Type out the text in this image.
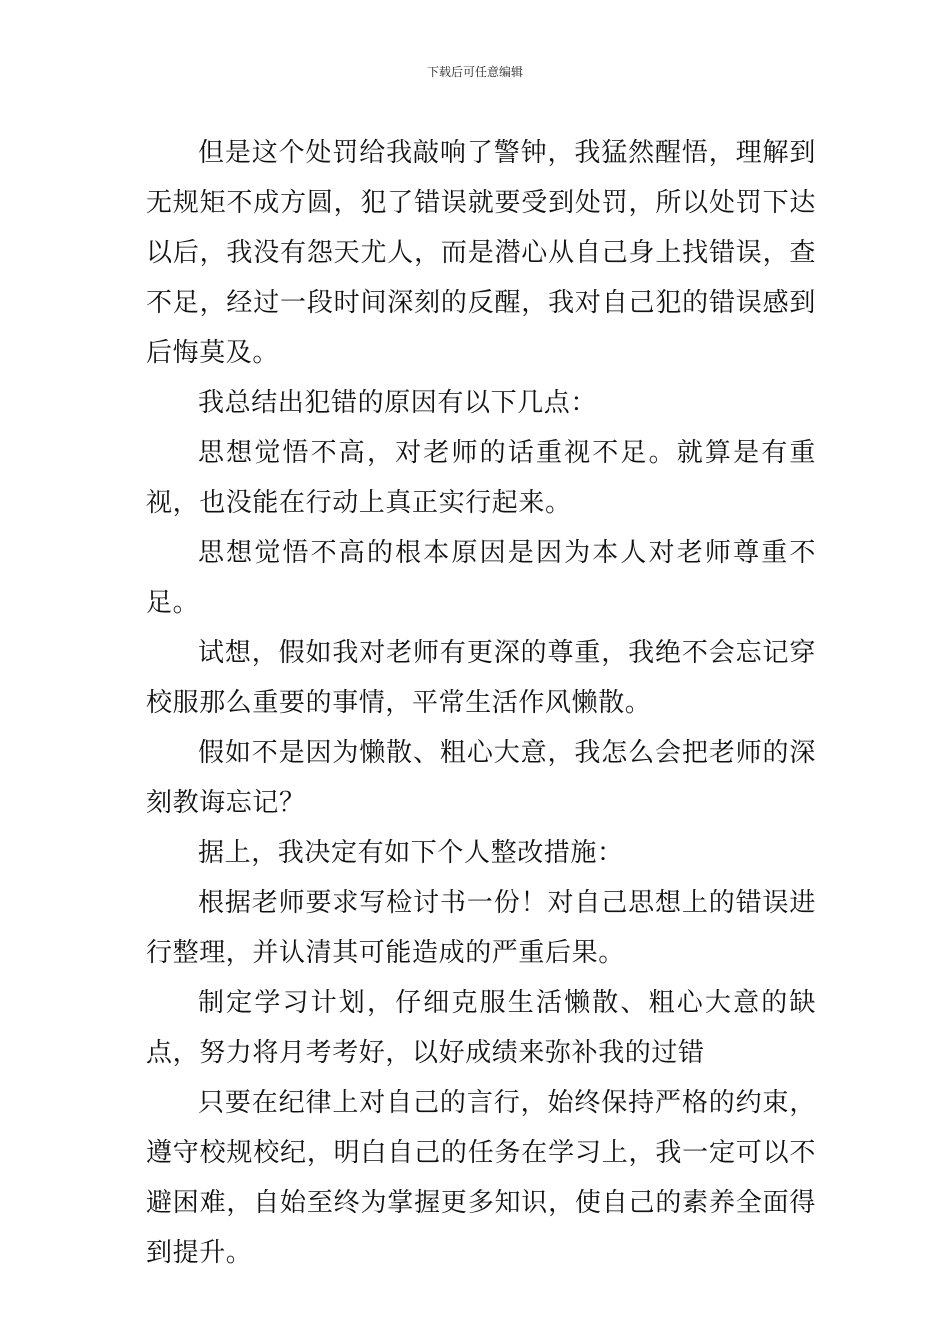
下载后可任意编辑

但是这个处罚给我敲响了警钟，我猛然醒悟，理解到无规矩不成方圆，犯了错误就要受到处罚，所以处罚下达以后，我没有怨天尤人，而是潜心从自己身上找错误，查不足，经过一段时间深刻的反醒，我对自己犯的错误感到后悔莫及。

我总结出犯错的原因有以下几点：

思想觉悟不高，对老师的话重视不足。就算是有重视，也没能在行动上真正实行起来。

思想觉悟不高的根本原因是因为本人对老师尊重不足。

试想，假如我对老师有更深的尊重，我绝不会忘记穿校服那么重要的事情，平常生活作风懒散。

假如不是因为懒散、粗心大意，我怎么会把老师的深刻教诲忘记？

据上，我决定有如下个人整改措施：

根据老师要求写检讨书一份！对自己思想上的错误进行整理，并认清其可能造成的严重后果。

制定学习计划，仔细克服生活懒散、粗心大意的缺点，努力将月考考好，以好成绩来弥补我的过错

只要在纪律上对自己的言行，始终保持严格的约束，遵守校规校纪，明白自己的任务在学习上，我一定可以不避困难，自始至终为掌握更多知识，使自己的素养全面得到提升。
